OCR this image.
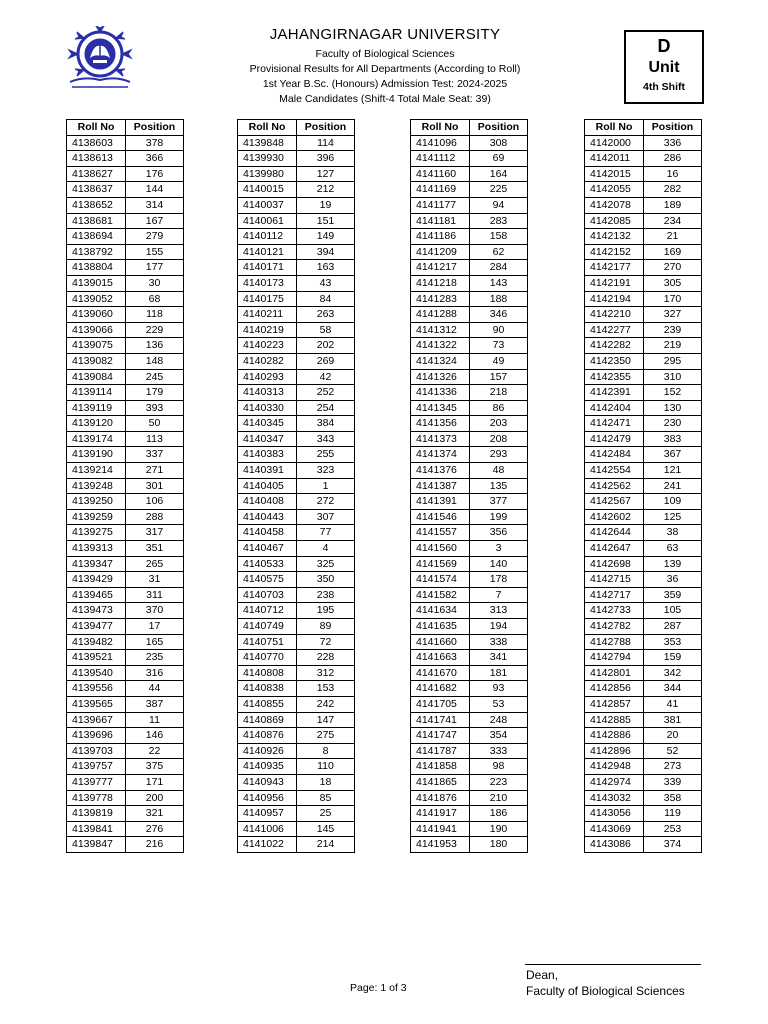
JAHANGIRNAGAR UNIVERSITY
Faculty of Biological Sciences
Provisional Results for All Departments (According to Roll)
1st Year B.Sc. (Honours) Admission Test: 2024-2025
Male Candidates (Shift-4 Total Male Seat: 39)
D
Unit
4th Shift
Roll No	Position
4138603	378
4138613	366
4138627	176
4138637	144
4138652	314
4138681	167
4138694	279
4138792	155
4138804	177
4139015	30
4139052	68
4139060	118
4139066	229
4139075	136
4139082	148
4139084	245
4139114	179
4139119	393
4139120	50
4139174	113
4139190	337
4139214	271
4139248	301
4139250	106
4139259	288
4139275	317
4139313	351
4139347	265
4139429	31
4139465	311
4139473	370
4139477	17
4139482	165
4139521	235
4139540	316
4139556	44
4139565	387
4139667	11
4139696	146
4139703	22
4139757	375
4139777	171
4139778	200
4139819	321
4139841	276
4139847	216
Roll No	Position
4139848	114
4139930	396
4139980	127
4140015	212
4140037	19
4140061	151
4140112	149
4140121	394
4140171	163
4140173	43
4140175	84
4140211	263
4140219	58
4140223	202
4140282	269
4140293	42
4140313	252
4140330	254
4140345	384
4140347	343
4140383	255
4140391	323
4140405	1
4140408	272
4140443	307
4140458	77
4140467	4
4140533	325
4140575	350
4140703	238
4140712	195
4140749	89
4140751	72
4140770	228
4140808	312
4140838	153
4140855	242
4140869	147
4140876	275
4140926	8
4140935	110
4140943	18
4140956	85
4140957	25
4141006	145
4141022	214
Roll No	Position
4141096	308
4141112	69
4141160	164
4141169	225
4141177	94
4141181	283
4141186	158
4141209	62
4141217	284
4141218	143
4141283	188
4141288	346
4141312	90
4141322	73
4141324	49
4141326	157
4141336	218
4141345	86
4141356	203
4141373	208
4141374	293
4141376	48
4141387	135
4141391	377
4141546	199
4141557	356
4141560	3
4141569	140
4141574	178
4141582	7
4141634	313
4141635	194
4141660	338
4141663	341
4141670	181
4141682	93
4141705	53
4141741	248
4141747	354
4141787	333
4141858	98
4141865	223
4141876	210
4141917	186
4141941	190
4141953	180
Roll No	Position
4142000	336
4142011	286
4142015	16
4142055	282
4142078	189
4142085	234
4142132	21
4142152	169
4142177	270
4142191	305
4142194	170
4142210	327
4142277	239
4142282	219
4142350	295
4142355	310
4142391	152
4142404	130
4142471	230
4142479	383
4142484	367
4142554	121
4142562	241
4142567	109
4142602	125
4142644	38
4142647	63
4142698	139
4142715	36
4142717	359
4142733	105
4142782	287
4142788	353
4142794	159
4142801	342
4142856	344
4142857	41
4142885	381
4142886	20
4142896	52
4142948	273
4142974	339
4143032	358
4143056	119
4143069	253
4143086	374
Page: 1 of 3
Dean,
Faculty of Biological Sciences
